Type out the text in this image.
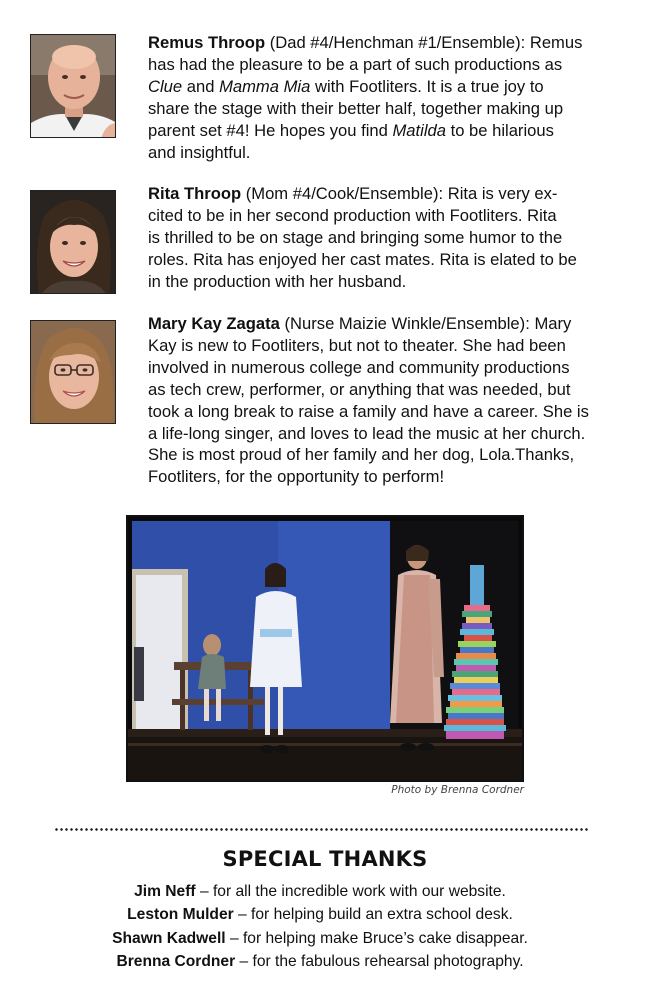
Remus Throop (Dad #4/Henchman #1/Ensemble): Remus
has had the pleasure to be a part of such productions as
Clue and Mamma Mia with Footliters. It is a true joy to
share the stage with their better half, together making up
parent set #4! He hopes you find Matilda to be hilarious
and insightful.
Rita Throop (Mom #4/Cook/Ensemble): Rita is very ex-
cited to be in her second production with Footliters. Rita
is thrilled to be on stage and bringing some humor to the
roles. Rita has enjoyed her cast mates. Rita is elated to be
in the production with her husband.
Mary Kay Zagata (Nurse Maizie Winkle/Ensemble): Mary
Kay is new to Footliters, but not to theater. She had been
involved in numerous college and community productions
as tech crew, performer, or anything that was needed, but
took a long break to raise a family and have a career. She is
a life-long singer, and loves to lead the music at her church.
She is most proud of her family and her dog, Lola.Thanks,
Footliters, for the opportunity to perform!
Photo by Brenna Cordner
SPECIAL THANKS
Jim Neff – for all the incredible work with our website.
Leston Mulder – for helping build an extra school desk.
Shawn Kadwell – for helping make Bruce’s cake disappear.
Brenna Cordner – for the fabulous rehearsal photography.
